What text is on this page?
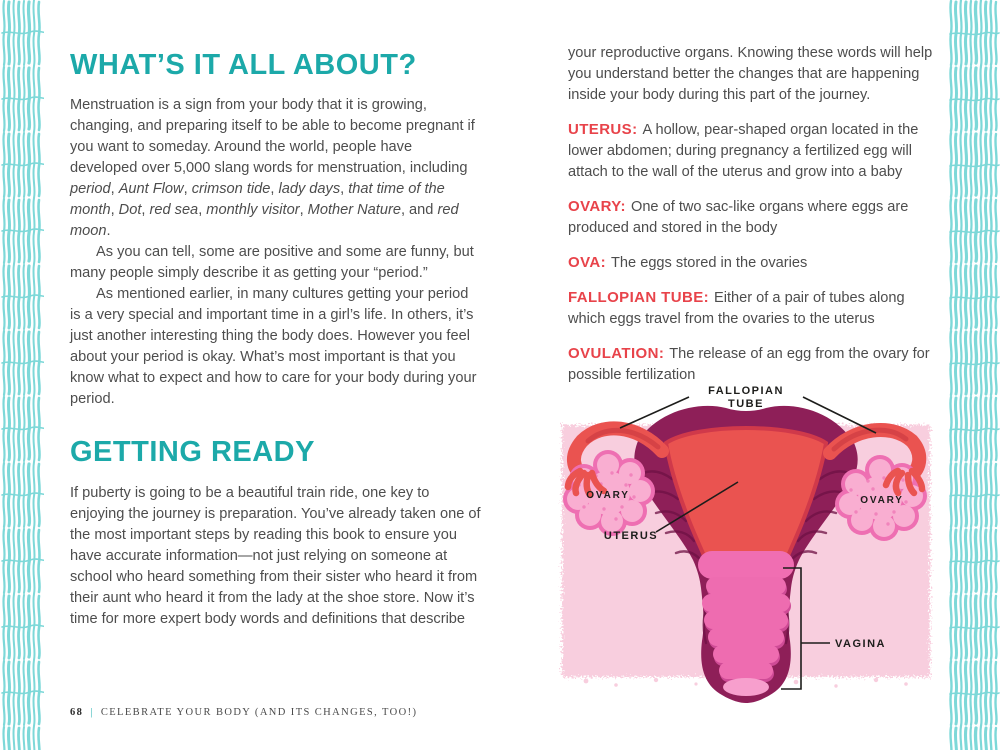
WHAT’S IT ALL ABOUT?

Menstruation is a sign from your body that it is growing, changing, and preparing itself to be able to become pregnant if you want to someday. Around the world, people have developed over 5,000 slang words for menstruation, including period, Aunt Flow, crimson tide, lady days, that time of the month, Dot, red sea, monthly visitor, Mother Nature, and red moon.

As you can tell, some are positive and some are funny, but many people simply describe it as getting your “period.”

As mentioned earlier, in many cultures getting your period is a very special and important time in a girl’s life. In others, it’s just another interesting thing the body does. However you feel about your period is okay. What’s most important is that you know what to expect and how to care for your body during your period.

GETTING READY

If puberty is going to be a beautiful train ride, one key to enjoying the journey is preparation. You’ve already taken one of the most important steps by reading this book to ensure you have accurate information—not just relying on someone at school who heard something from their sister who heard it from their aunt who heard it from the lady at the shoe store. Now it’s time for more expert body words and definitions that describe

your reproductive organs. Knowing these words will help you understand better the changes that are happening inside your body during this part of the journey.

UTERUS: A hollow, pear-shaped organ located in the lower abdomen; during pregnancy a fertilized egg will attach to the wall of the uterus and grow into a baby

OVARY: One of two sac-like organs where eggs are produced and stored in the body

OVA: The eggs stored in the ovaries

FALLOPIAN TUBE: Either of a pair of tubes along which eggs travel from the ovaries to the uterus

OVULATION: The release of an egg from the ovary for possible fertilization

FALLOPIAN
TUBE
OVARY	OVARY
UTERUS
VAGINA
68 | CELEBRATE YOUR BODY (AND ITS CHANGES, TOO!)
